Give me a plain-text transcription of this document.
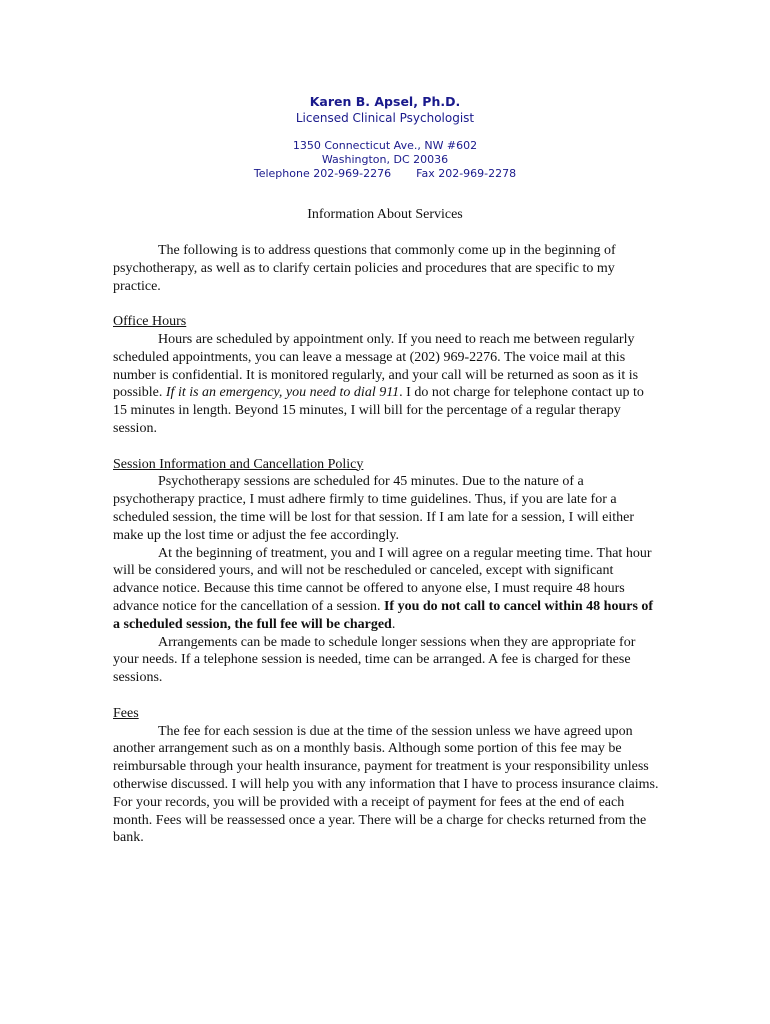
Karen B. Apsel, Ph.D.
Licensed Clinical Psychologist
1350 Connecticut Ave., NW #602
Washington, DC 20036
Telephone 202-969-2276 Fax 202-969-2278
Information About Services

The following is to address questions that commonly come up in the beginning of psychotherapy, as well as to clarify certain policies and procedures that are specific to my practice.

Office Hours

Hours are scheduled by appointment only. If you need to reach me between regularly scheduled appointments, you can leave a message at (202) 969-2276. The voice mail at this number is confidential. It is monitored regularly, and your call will be returned as soon as it is possible. If it is an emergency, you need to dial 911. I do not charge for telephone contact up to 15 minutes in length. Beyond 15 minutes, I will bill for the percentage of a regular therapy session.

Session Information and Cancellation Policy

Psychotherapy sessions are scheduled for 45 minutes. Due to the nature of a psychotherapy practice, I must adhere firmly to time guidelines. Thus, if you are late for a scheduled session, the time will be lost for that session. If I am late for a session, I will either make up the lost time or adjust the fee accordingly.

At the beginning of treatment, you and I will agree on a regular meeting time. That hour will be considered yours, and will not be rescheduled or canceled, except with significant advance notice. Because this time cannot be offered to anyone else, I must require 48 hours advance notice for the cancellation of a session. If you do not call to cancel within 48 hours of a scheduled session, the full fee will be charged.

Arrangements can be made to schedule longer sessions when they are appropriate for your needs. If a telephone session is needed, time can be arranged. A fee is charged for these sessions.

Fees

The fee for each session is due at the time of the session unless we have agreed upon another arrangement such as on a monthly basis. Although some portion of this fee may be reimbursable through your health insurance, payment for treatment is your responsibility unless otherwise discussed. I will help you with any information that I have to process insurance claims. For your records, you will be provided with a receipt of payment for fees at the end of each month. Fees will be reassessed once a year. There will be a charge for checks returned from the bank.
